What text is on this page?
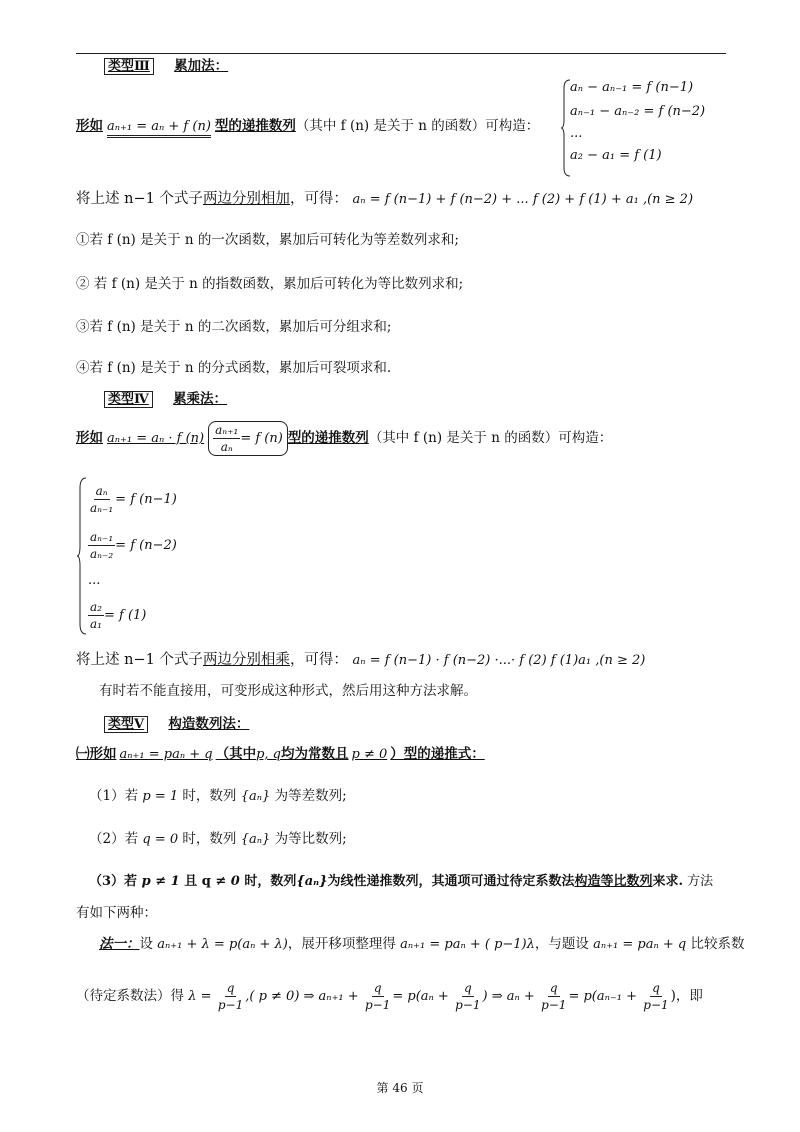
类型Ⅲ 累加法：
形如 aₙ₊₁ = aₙ + f (n) 型的递推数列（其中 f (n) 是关于 n 的函数）可构造：
aₙ − aₙ₋₁ = f (n−1)
aₙ₋₁ − aₙ₋₂ = f (n−2)
...
a₂ − a₁ = f (1)
将上述 n−1 个式子两边分别相加，可得： aₙ = f (n−1) + f (n−2) + ... f (2) + f (1) + a₁ ,(n ≥ 2)
①若 f (n) 是关于 n 的一次函数，累加后可转化为等差数列求和;
② 若 f (n) 是关于 n 的指数函数，累加后可转化为等比数列求和;
③若 f (n) 是关于 n 的二次函数，累加后可分组求和;
④若 f (n) 是关于 n 的分式函数，累加后可裂项求和.
类型Ⅳ 累乘法：
形如 aₙ₊₁ = aₙ · f $(n) \frac{\text{aₙ₊₁}}{\text{aₙ}} = f$ (n) 型的递推数列（其中 f (n) 是关于 n 的函数）可构造：
$\frac{\text{aₙ}}{\text{aₙ₋₁}} = f$ (n−1)
$\frac{\text{aₙ₋₁}}{\text{aₙ₋₂}} = f$ (n−2)
...
$\frac{\text{a₂}}{\text{a₁}} = f$ (1)
将上述 n−1 个式子两边分别相乘，可得： aₙ = f (n−1) · f (n−2) ·...· f (2) f (1)a₁ ,(n ≥ 2)
有时若不能直接用，可变形成这种形式，然后用这种方法求解。
类型Ⅴ 构造数列法：
㈠形如 aₙ₊₁ = paₙ + q （其中p, q均为常数且 p ≠ 0 ）型的递推式：
（1）若 p = 1 时，数列 {aₙ} 为等差数列;
（2）若 q = 0 时，数列 {aₙ} 为等比数列;
（3）若 p ≠ 1 且 q ≠ 0 时，数列{aₙ}为线性递推数列，其通项可通过待定系数法构造等比数列来求. 方法
有如下两种：
法一：设 aₙ₊₁ + λ = p(aₙ + λ)，展开移项整理得 aₙ₊₁ = paₙ + ( p−1)λ，与题设 aₙ₊₁ = paₙ + q 比较系数
（待定系数法）得 $\lambda = \frac{q}{p-1}$ ,( p ≠ 0) ⇒ $a_{n+1} + \frac{q}{p-1} = p(a_n + \frac{q}{p-1}$ ) ⇒ $a_n + \frac{q}{p-1} = p(a_{n-1} + \frac{q}{p-1}$ )，即
第 46 页
